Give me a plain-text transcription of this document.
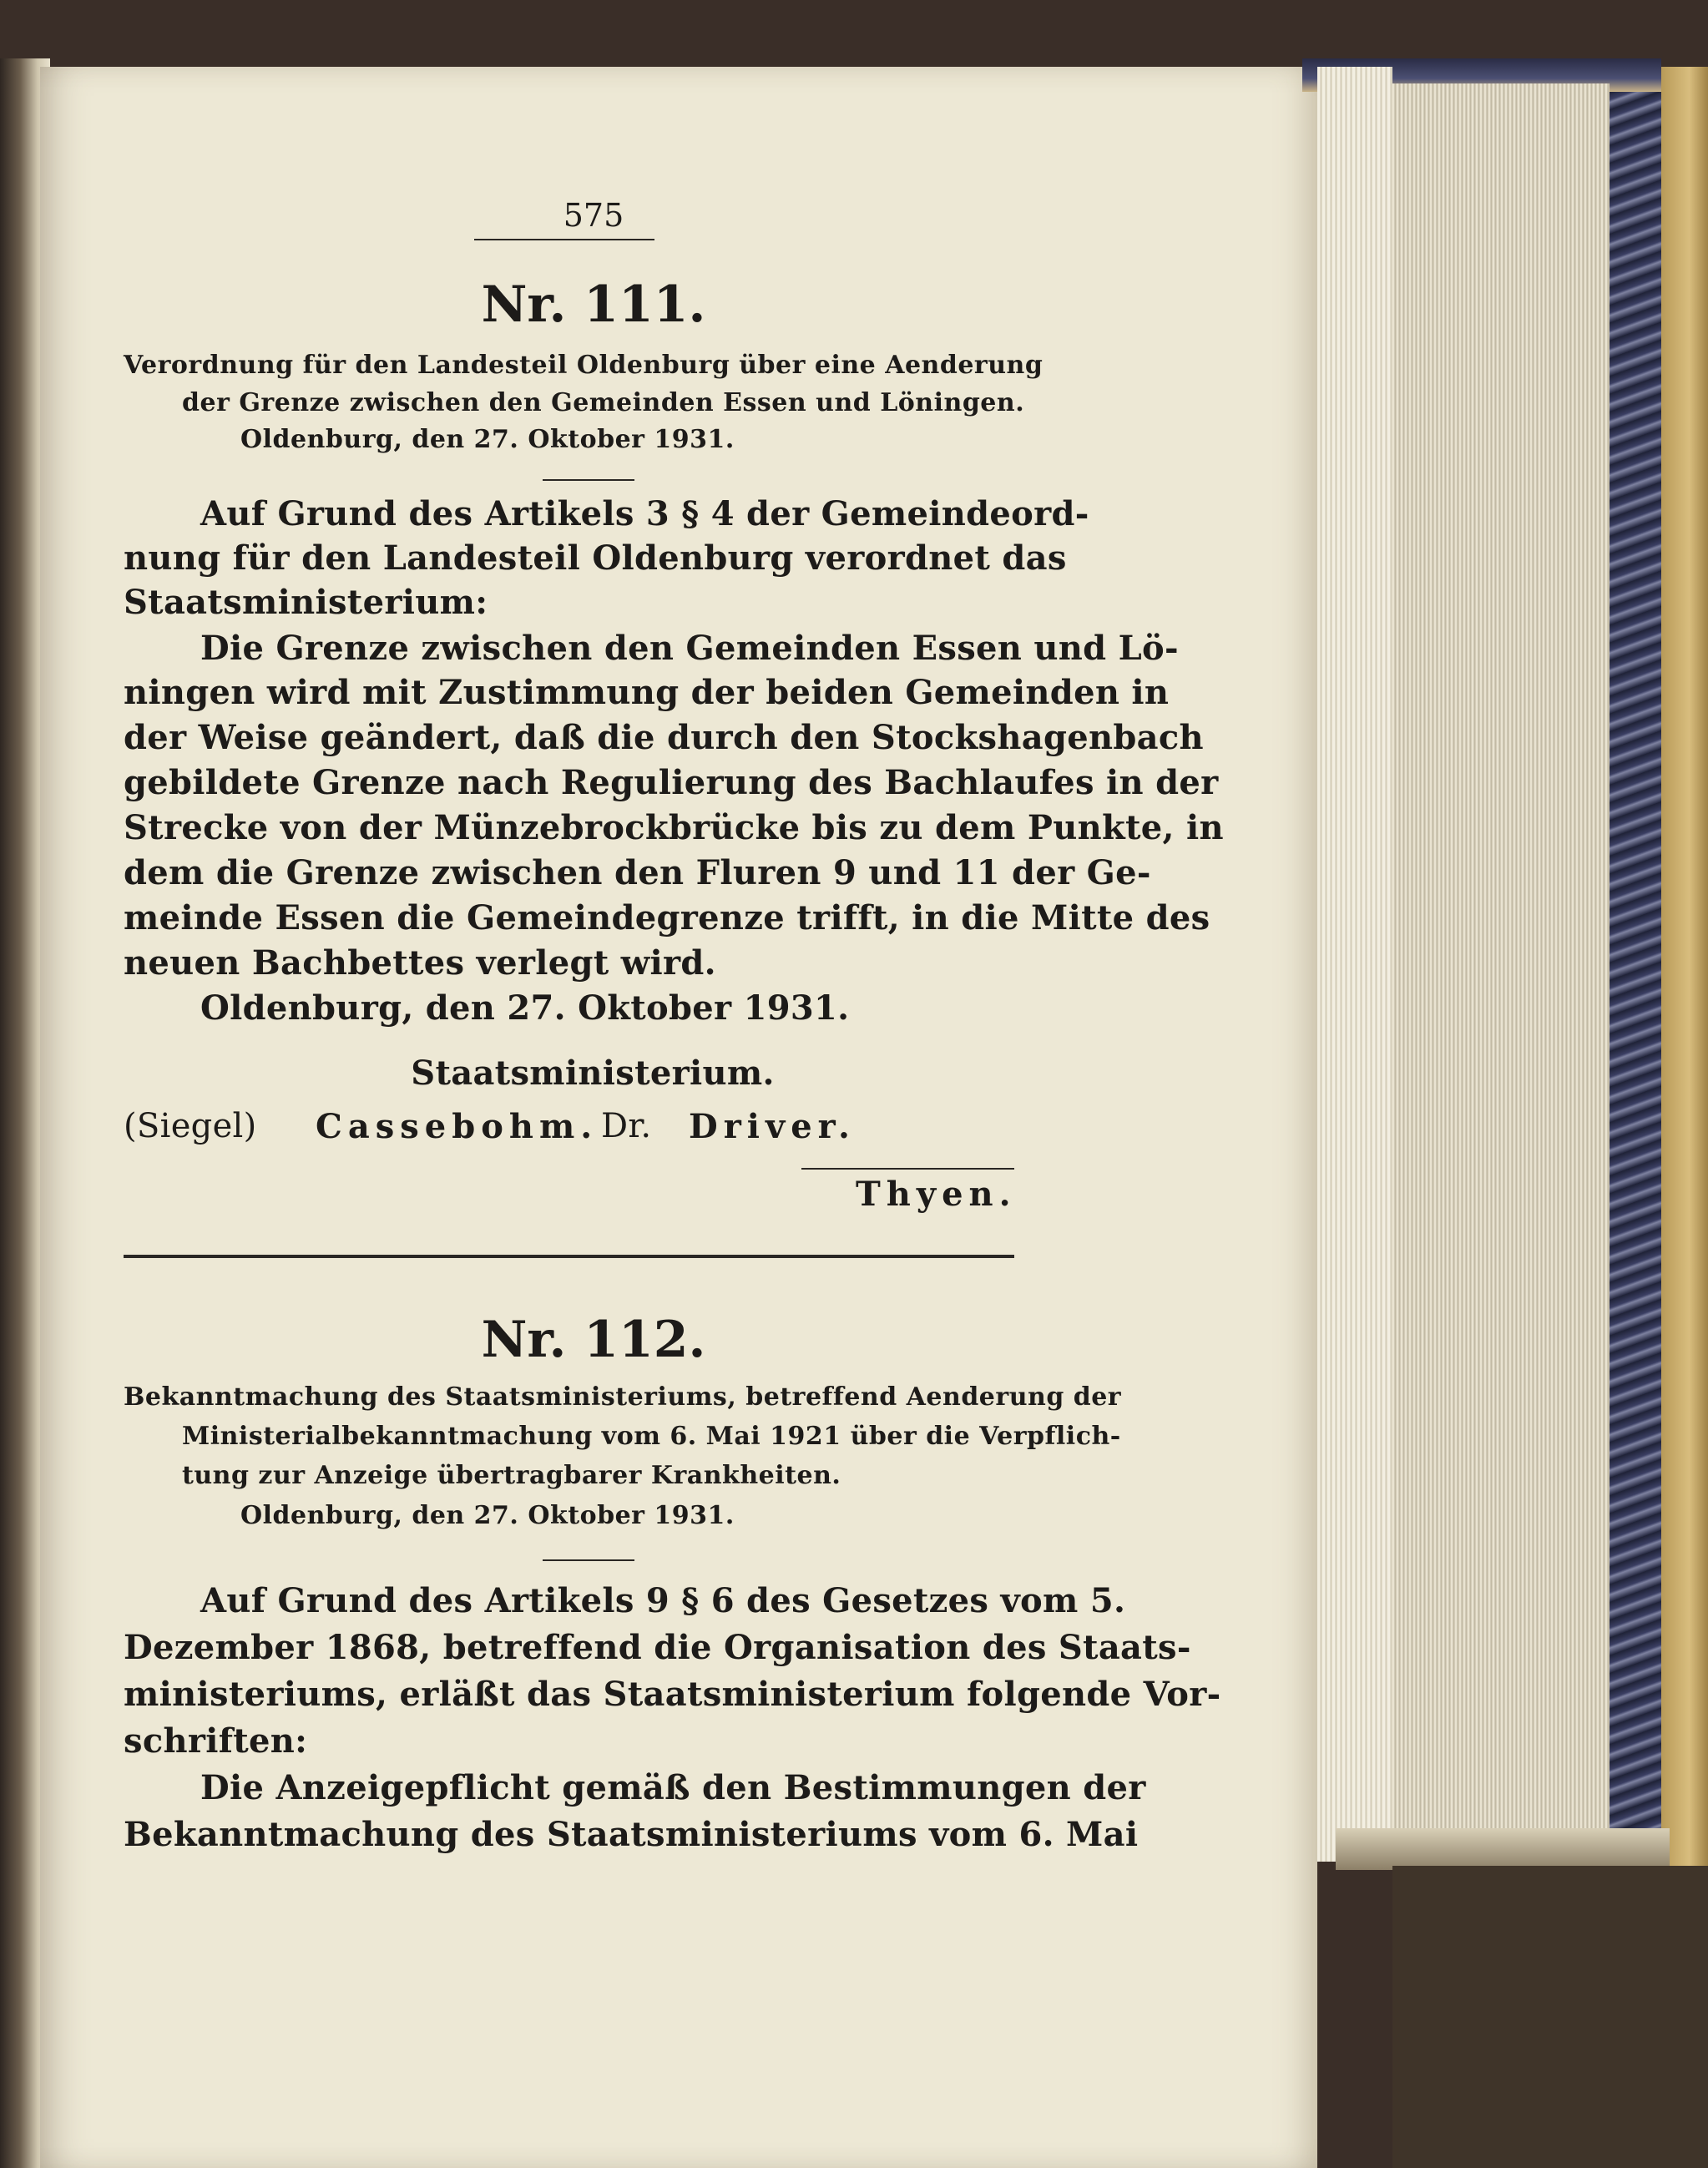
575

Nr. 111.

Verordnung für den Landesteil Oldenburg über eine Aenderung

der Grenze zwischen den Gemeinden Essen und Löningen.

Oldenburg, den 27. Oktober 1931.

Auf Grund des Artikels 3 § 4 der Gemeindeord-

nung für den Landesteil Oldenburg verordnet das

Staatsministerium:

Die Grenze zwischen den Gemeinden Essen und Lö-

ningen wird mit Zustimmung der beiden Gemeinden in

der Weise geändert, daß die durch den Stockshagenbach

gebildete Grenze nach Regulierung des Bachlaufes in der

Strecke von der Münzebrockbrücke bis zu dem Punkte, in

dem die Grenze zwischen den Fluren 9 und 11 der Ge-

meinde Essen die Gemeindegrenze trifft, in die Mitte des

neuen Bachbettes verlegt wird.

Oldenburg, den 27. Oktober 1931.

Staatsministerium.

(Siegel) Cassebohm. Dr. Driver.

Thyen.

Nr. 112.

Bekanntmachung des Staatsministeriums, betreffend Aenderung der

Ministerialbekanntmachung vom 6. Mai 1921 über die Verpflich-

tung zur Anzeige übertragbarer Krankheiten.

Oldenburg, den 27. Oktober 1931.

Auf Grund des Artikels 9 § 6 des Gesetzes vom 5.

Dezember 1868, betreffend die Organisation des Staats-

ministeriums, erläßt das Staatsministerium folgende Vor-

schriften:

Die Anzeigepflicht gemäß den Bestimmungen der

Bekanntmachung des Staatsministeriums vom 6. Mai
